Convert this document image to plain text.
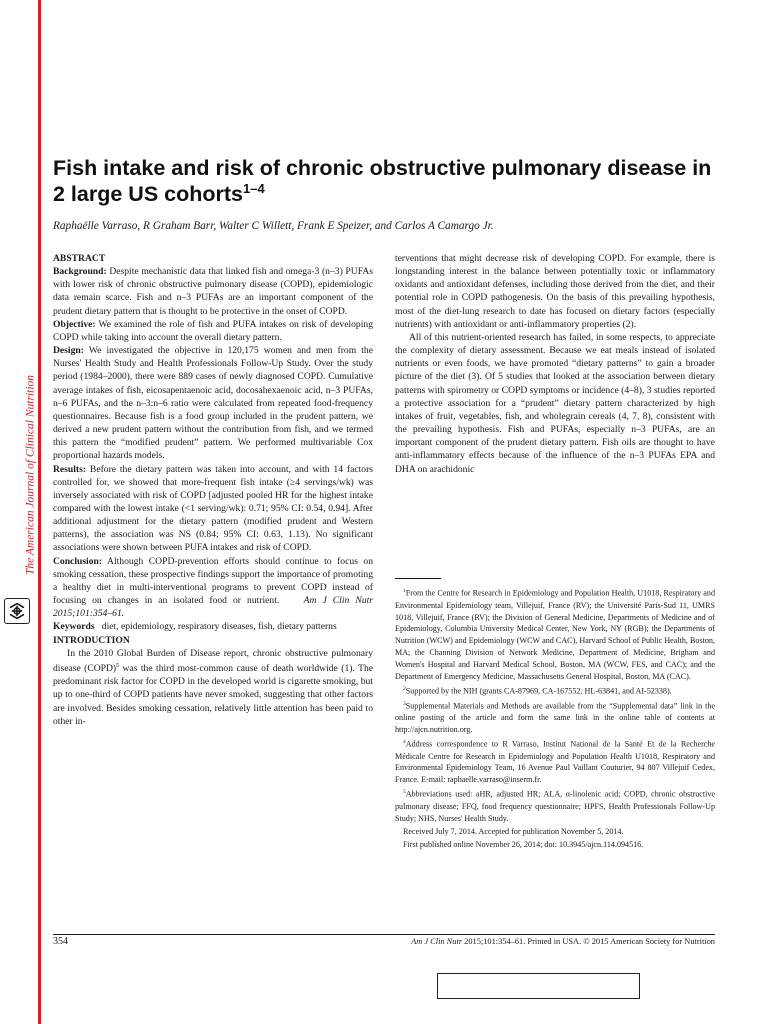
The American Journal of Clinical Nutrition
Fish intake and risk of chronic obstructive pulmonary disease in 2 large US cohorts$^{1-4}$
Raphaëlle Varraso, R Graham Barr, Walter C Willett, Frank E Speizer, and Carlos A Camargo Jr.

ABSTRACT

Background: Despite mechanistic data that linked fish and omega-3 (n–3) PUFAs with lower risk of chronic obstructive pulmonary disease (COPD), epidemiologic data remain scarce. Fish and n–3 PUFAs are an important component of the prudent dietary pattern that is thought to be protective in the onset of COPD.

Objective: We examined the role of fish and PUFA intakes on risk of developing COPD while taking into account the overall dietary pattern.

Design: We investigated the objective in 120,175 women and men from the Nurses' Health Study and Health Professionals Follow-Up Study. Over the study period (1984–2000), there were 889 cases of newly diagnosed COPD. Cumulative average intakes of fish, eicosapentaenoic acid, docosahexaenoic acid, n–3 PUFAs, n–6 PUFAs, and the n–3:n–6 ratio were calculated from repeated food-frequency questionnaires. Because fish is a food group included in the prudent pattern, we derived a new prudent pattern without the contribution from fish, and we termed this pattern the “modified prudent” pattern. We performed multivariable Cox proportional hazards models.

Results: Before the dietary pattern was taken into account, and with 14 factors controlled for, we showed that more-frequent fish intake (≥4 servings/wk) was inversely associated with risk of COPD [adjusted pooled HR for the highest intake compared with the lowest intake (<1 serving/wk): 0.71; 95% CI: 0.54, 0.94]. After additional adjustment for the dietary pattern (modified prudent and Western patterns), the association was NS (0.84; 95% CI: 0.63, 1.13). No significant associations were shown between PUFA intakes and risk of COPD.

Conclusion: Although COPD-prevention efforts should continue to focus on smoking cessation, these prospective findings support the importance of promoting a healthy diet in multi-interventional programs to prevent COPD instead of focusing on changes in an isolated food or nutrient.	Am J Clin Nutr 2015;101:354–61.

Keywords diet, epidemiology, respiratory diseases, fish, dietary patterns

INTRODUCTION

In the 2010 Global Burden of Disease report, chronic obstructive pulmonary disease (COPD)$^5$ was the third most-common cause of death worldwide (1). The predominant risk factor for COPD in the developed world is cigarette smoking, but up to one-third of COPD patients have never smoked, suggesting that other factors are involved. Besides smoking cessation, relatively little attention has been paid to other in-

terventions that might decrease risk of developing COPD. For example, there is longstanding interest in the balance between potentially toxic or inflammatory oxidants and antioxidant defenses, including those derived from the diet, and their potential role in COPD pathogenesis. On the basis of this prevailing hypothesis, most of the diet-lung research to date has focused on dietary factors (especially nutrients) with antioxidant or anti-inflammatory properties (2).

All of this nutrient-oriented research has failed, in some respects, to appreciate the complexity of dietary assessment. Because we eat meals instead of isolated nutrients or even foods, we have promoted “dietary patterns” to gain a broader picture of the diet (3). Of 5 studies that looked at the association between dietary patterns with spirometry or COPD symptoms or incidence (4–8), 3 studies reported a protective association for a “prudent” dietary pattern characterized by high intakes of fruit, vegetables, fish, and wholegrain cereals (4, 7, 8), consistent with the prevailing hypothesis. Fish and PUFAs, especially n–3 PUFAs, are an important component of the prudent dietary pattern. Fish oils are thought to have anti-inflammatory effects because of the influence of the n–3 PUFAs EPA and DHA on arachidonic

$^1$From the Centre for Research in Epidemiology and Population Health, U1018, Respiratory and Environmental Epidemiology team, Villejuif, France (RV); the Université Paris-Sud 11, UMRS 1018, Villejuif, France (RV); the Division of General Medicine, Departments of Medicine and of Epidemiology, Columbia University Medical Center, New York, NY (RGB); the Departments of Nutrition (WCW) and Epidemiology (WCW and CAC), Harvard School of Public Health, Boston, MA; the Channing Division of Network Medicine, Department of Medicine, Brigham and Women's Hospital and Harvard Medical School, Boston, MA (WCW, FES, and CAC); and the Department of Emergency Medicine, Massachusetts General Hospital, Boston, MA (CAC).

$^2$Supported by the NIH (grants CA-87969, CA-167552, HL-63841, and AI-52338).

$^3$Supplemental Materials and Methods are available from the “Supplemental data” link in the online posting of the article and form the same link in the online table of contents at http://ajcn.nutrition.org.

$^4$Address correspondence to R Varraso, Institut National de la Santé Et de la Recherche Médicale Centre for Research in Epidemiology and Population Health U1018, Respiratory and Environmental Epidemiology Team, 16 Avenue Paul Vaillant Couturier, 94 807 Villejuif Cedex, France. E-mail: raphaelle.varraso@inserm.fr.

$^5$Abbreviations used: aHR, adjusted HR; ALA, α-linolenic acid; COPD, chronic obstructive pulmonary disease; FFQ, food frequency questionnaire; HPFS, Health Professionals Follow-Up Study; NHS, Nurses' Health Study.

Received July 7, 2014. Accepted for publication November 5, 2014.

First published online November 26, 2014; doi: 10.3945/ajcn.114.094516.

354	Am J Clin Nutr 2015;101:354–61. Printed in USA. © 2015 American Society for Nutrition
